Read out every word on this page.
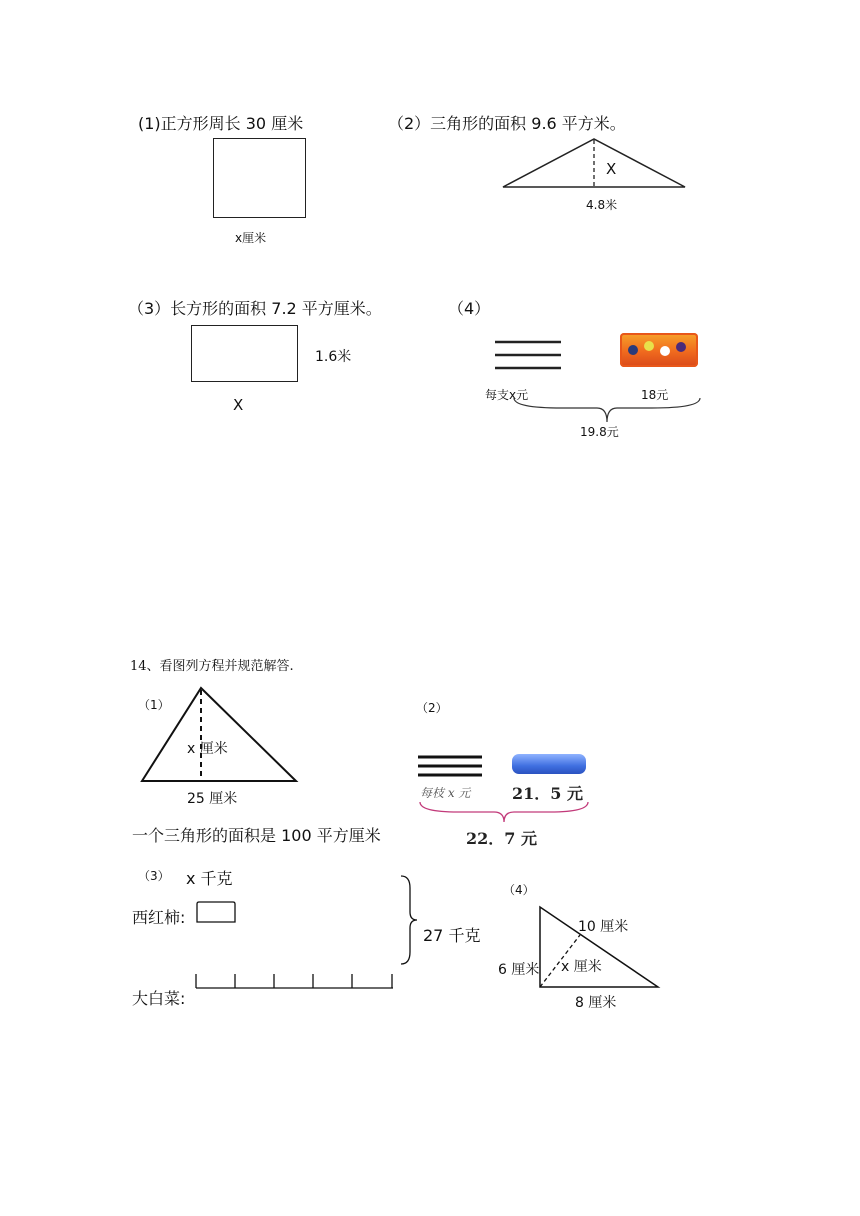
(1)正方形周长 30 厘米
x厘米
（2）三角形的面积 9.6 平方米。
X
4.8米
（3）长方形的面积 7.2 平方厘米。
1.6米
X
（4）
每支x元	18元
19.8元
14、看图列方程并规范解答.
（1）
x 厘米
25 厘米
一个三角形的面积是 100 平方厘米
（2）
每枝 x 元	21．5 元
22．7 元
（3） x 千克
西红柿:
27 千克
大白菜:
（4）
10 厘米
6 厘米 x 厘米
8 厘米
